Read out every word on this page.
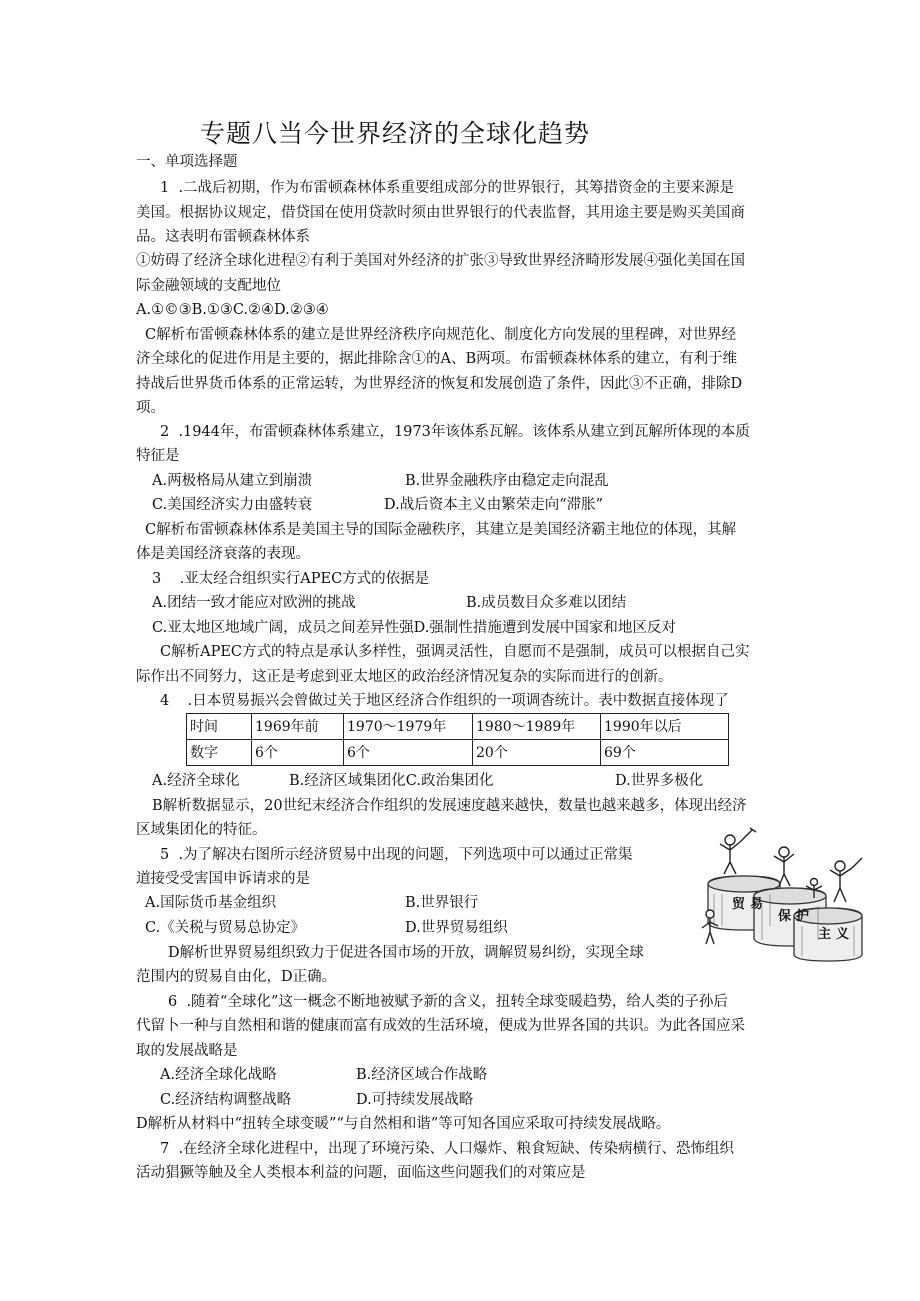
专题八当今世界经济的全球化趋势
一、单项选择题
1  .二战后初期，作为布雷顿森林体系重要组成部分的世界银行，其筹措资金的主要来源是
美国。根据协议规定，借贷国在使用贷款时须由世界银行的代表监督，其用途主要是购买美国商
品。这表明布雷顿森林体系
①妨碍了经济全球化进程②有利于美国对外经济的扩张③导致世界经济畸形发展④强化美国在国
际金融领域的支配地位
A.①©③B.①③C.②④D.②③④
C解析布雷顿森林体系的建立是世界经济秩序向规范化、制度化方向发展的里程碑，对世界经
济全球化的促进作用是主要的，据此排除含①的A、B两项。布雷顿森林体系的建立，有利于维
持战后世界货币体系的正常运转，为世界经济的恢复和发展创造了条件，因此③不正确，排除D
项。
2  .1944年，布雷顿森林体系建立，1973年该体系瓦解。该体系从建立到瓦解所体现的本质
特征是
A.两极格局从建立到崩溃	B.世界金融秩序由稳定走向混乱
C.美国经济实力由盛转衰	D.战后资本主义由繁荣走向“滞胀”
C解析布雷顿森林体系是美国主导的国际金融秩序，其建立是美国经济霸主地位的体现，其解
体是美国经济衰落的表现。
3    .亚太经合组织实行APEC方式的依据是
A.团结一致才能应对欧洲的挑战	B.成员数目众多难以团结
C.亚太地区地域广阔，成员之间差异性强D.强制性措施遭到发展中国家和地区反对
C解析APEC方式的特点是承认多样性，强调灵活性，自愿而不是强制，成员可以根据自己实
际作出不同努力，这正是考虑到亚太地区的政治经济情况复杂的实际而进行的创新。
4    .日本贸易振兴会曾做过关于地区经济合作组织的一项调杳统计。表中数据直接体现了
时间	1969年前	1970～1979年	1980～1989年	1990年以后
数字	6个	6个	20个	69个
A.经济全球化	B.经济区域集团化C.政治集团化	D.世界多极化
B解析数据显示，20世纪末经济合作组织的发展速度越来越快，数量也越来越多，体现出经济
区域集团化的特征。
5  .为了解决右图所示经济贸易中出现的问题，下列选项中可以通过正常渠
道接受受害国申诉请求的是
A.国际货币基金组织	B.世界银行
C.《关税与贸易总协定》	D.世界贸易组织
D解析世界贸易组织致力于促进各国市场的开放，调解贸易纠纷，实现全球
范围内的贸易自由化，D正确。
贸 易
保 护
主 义
6  .随着“全球化”这一概念不断地被赋予新的含义，扭转全球变暖趋势，给人类的子孙后
代留卜一种与自然相和谐的健康而富有成效的生活环境，便成为世界各国的共识。为此各国应采
取的发展战略是
A.经济全球化战略	B.经济区域合作战略
C.经济结构调整战略	D.可持续发展战略
D解析从材料中“扭转全球变暖”“与自然相和谐”等可知各国应采取可持续发展战略。
7  .在经济全球化进程中，出现了环境污染、人口爆炸、粮食短缺、传染病横行、恐怖组织
活动猖獗等触及全人类根本利益的问题，面临这些问题我们的对策应是
